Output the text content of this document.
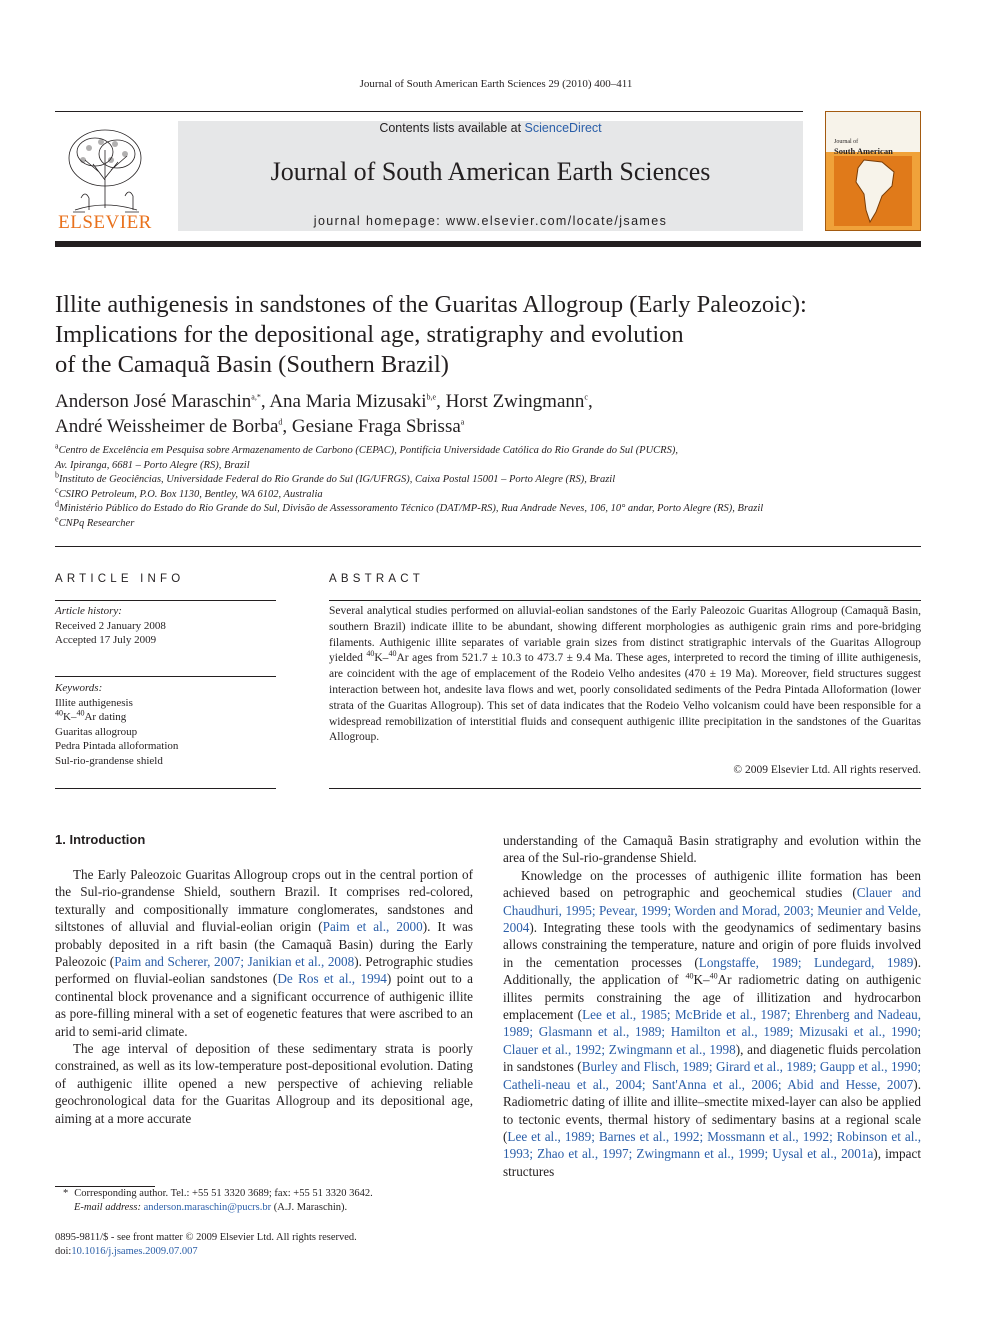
Journal of South American Earth Sciences 29 (2010) 400–411
ELSEVIER
Contents lists available at ScienceDirect
Journal of South American Earth Sciences
journal homepage: www.elsevier.com/locate/jsames
Journal of
South American

Illite authigenesis in sandstones of the Guaritas Allogroup (Early Paleozoic):
Implications for the depositional age, stratigraphy and evolution
of the Camaquã Basin (Southern Brazil)
Anderson José Maraschin$^{a,*}$, Ana Maria Mizusaki$^{b,e}$, Horst Zwingmann$^c$,
André Weissheimer de Borba$^d$, Gesiane Fraga Sbrissa$^a$
$^a$Centro de Excelência em Pesquisa sobre Armazenamento de Carbono (CEPAC), Pontifícia Universidade Católica do Rio Grande do Sul (PUCRS),
Av. Ipiranga, 6681 – Porto Alegre (RS), Brazil
$^b$Instituto de Geociências, Universidade Federal do Rio Grande do Sul (IG/UFRGS), Caixa Postal 15001 – Porto Alegre (RS), Brazil
$^c$CSIRO Petroleum, P.O. Box 1130, Bentley, WA 6102, Australia
$^d$Ministério Público do Estado do Rio Grande do Sul, Divisão de Assessoramento Técnico (DAT/MP-RS), Rua Andrade Neves, 106, 10° andar, Porto Alegre (RS), Brazil
$^e$CNPq Researcher
ARTICLE INFO
Article history:
Received 2 January 2008
Accepted 17 July 2009
Keywords:
Illite authigenesis
$^{40}$K–$^{40}$Ar dating
Guaritas allogroup
Pedra Pintada alloformation
Sul-rio-grandense shield
ABSTRACT
Several analytical studies performed on alluvial-eolian sandstones of the Early Paleozoic Guaritas Allogroup (Camaquã Basin, southern Brazil) indicate illite to be abundant, showing different morphologies as authigenic grain rims and pore-bridging filaments. Authigenic illite separates of variable grain sizes from distinct stratigraphic intervals of the Guaritas Allogroup yielded $^{40}$K–$^{40}$Ar ages from 521.7 ± 10.3 to 473.7 ± 9.4 Ma. These ages, interpreted to record the timing of illite authigenesis, are coincident with the age of emplacement of the Rodeio Velho andesites (470 ± 19 Ma). Moreover, field structures suggest interaction between hot, andesite lava flows and wet, poorly consolidated sediments of the Pedra Pintada Alloformation (lower strata of the Guaritas Allogroup). This set of data indicates that the Rodeio Velho volcanism could have been responsible for a widespread remobilization of interstitial fluids and consequent authigenic illite precipitation in the sandstones of the Guaritas Allogroup.
© 2009 Elsevier Ltd. All rights reserved.
1. Introduction

The Early Paleozoic Guaritas Allogroup crops out in the central portion of the Sul-rio-grandense Shield, southern Brazil. It comprises red-colored, texturally and compositionally immature conglomerates, sandstones and siltstones of alluvial and fluvial-eolian origin (Paim et al., 2000). It was probably deposited in a rift basin (the Camaquã Basin) during the Early Paleozoic (Paim and Scherer, 2007; Janikian et al., 2008). Petrographic studies performed on fluvial-eolian sandstones (De Ros et al., 1994) point out to a continental block provenance and a significant occurrence of authigenic illite as pore-filling mineral with a set of eogenetic features that were ascribed to an arid to semi-arid climate.

The age interval of deposition of these sedimentary strata is poorly constrained, as well as its low-temperature post-depositional evolution. Dating of authigenic illite opened a new perspective of achieving reliable geochronological data for the Guaritas Allogroup and its depositional age, aiming at a more accurate

understanding of the Camaquã Basin stratigraphy and evolution within the area of the Sul-rio-grandense Shield.

Knowledge on the processes of authigenic illite formation has been achieved based on petrographic and geochemical studies (Clauer and Chaudhuri, 1995; Pevear, 1999; Worden and Morad, 2003; Meunier and Velde, 2004). Integrating these tools with the geodynamics of sedimentary basins allows constraining the temperature, nature and origin of pore fluids involved in the cementation processes (Longstaffe, 1989; Lundegard, 1989). Additionally, the application of $^{40}$K–$^{40}$Ar radiometric dating on authigenic illites permits constraining the age of illitization and hydrocarbon emplacement (Lee et al., 1985; McBride et al., 1987; Ehrenberg and Nadeau, 1989; Glasmann et al., 1989; Hamilton et al., 1989; Mizusaki et al., 1990; Clauer et al., 1992; Zwingmann et al., 1998), and diagenetic fluids percolation in sandstones (Burley and Flisch, 1989; Girard et al., 1989; Gaupp et al., 1990; Catheli-neau et al., 2004; Sant'Anna et al., 2006; Abid and Hesse, 2007). Radiometric dating of illite and illite–smectite mixed-layer can also be applied to tectonic events, thermal history of sedimentary basins at a regional scale (Lee et al., 1989; Barnes et al., 1992; Mossmann et al., 1992; Robinson et al., 1993; Zhao et al., 1997; Zwingmann et al., 1999; Uysal et al., 2001a), impact structures

* Corresponding author. Tel.: +55 51 3320 3689; fax: +55 51 3320 3642.
E-mail address: anderson.maraschin@pucrs.br (A.J. Maraschin).
0895-9811/$ - see front matter © 2009 Elsevier Ltd. All rights reserved.
doi:10.1016/j.jsames.2009.07.007
